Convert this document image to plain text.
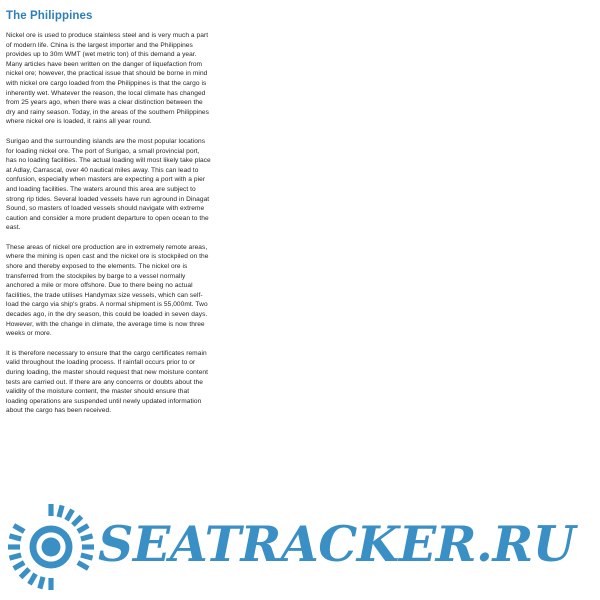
The Philippines

Nickel ore is used to produce stainless steel and is very much a part of modern life. China is the largest importer and the Philippines provides up to 30m WMT (wet metric ton) of this demand a year. Many articles have been written on the danger of liquefaction from nickel ore; however, the practical issue that should be borne in mind with nickel ore cargo loaded from the Philippines is that the cargo is inherently wet. Whatever the reason, the local climate has changed from 25 years ago, when there was a clear distinction between the dry and rainy season. Today, in the areas of the southern Philippines where nickel ore is loaded, it rains all year round.

Surigao and the surrounding islands are the most popular locations for loading nickel ore. The port of Surigao, a small provincial port, has no loading facilities. The actual loading will most likely take place at Adlay, Carrascal, over 40 nautical miles away. This can lead to confusion, especially when masters are expecting a port with a pier and loading facilities. The waters around this area are subject to strong rip tides. Several loaded vessels have run aground in Dinagat Sound, so masters of loaded vessels should navigate with extreme caution and consider a more prudent departure to open ocean to the east.

These areas of nickel ore production are in extremely remote areas, where the mining is open cast and the nickel ore is stockpiled on the shore and thereby exposed to the elements. The nickel ore is transferred from the stockpiles by barge to a vessel normally anchored a mile or more offshore. Due to there being no actual facilities, the trade utilises Handymax size vessels, which can self-load the cargo via ship's grabs. A normal shipment is 55,000mt. Two decades ago, in the dry season, this could be loaded in seven days. However, with the change in climate, the average time is now three weeks or more.

It is therefore necessary to ensure that the cargo certificates remain valid throughout the loading process. If rainfall occurs prior to or during loading, the master should request that new moisture content tests are carried out. If there are any concerns or doubts about the validity of the moisture content, the master should ensure that loading operations are suspended until newly updated information about the cargo has been received.

SEATRACKER.RU
